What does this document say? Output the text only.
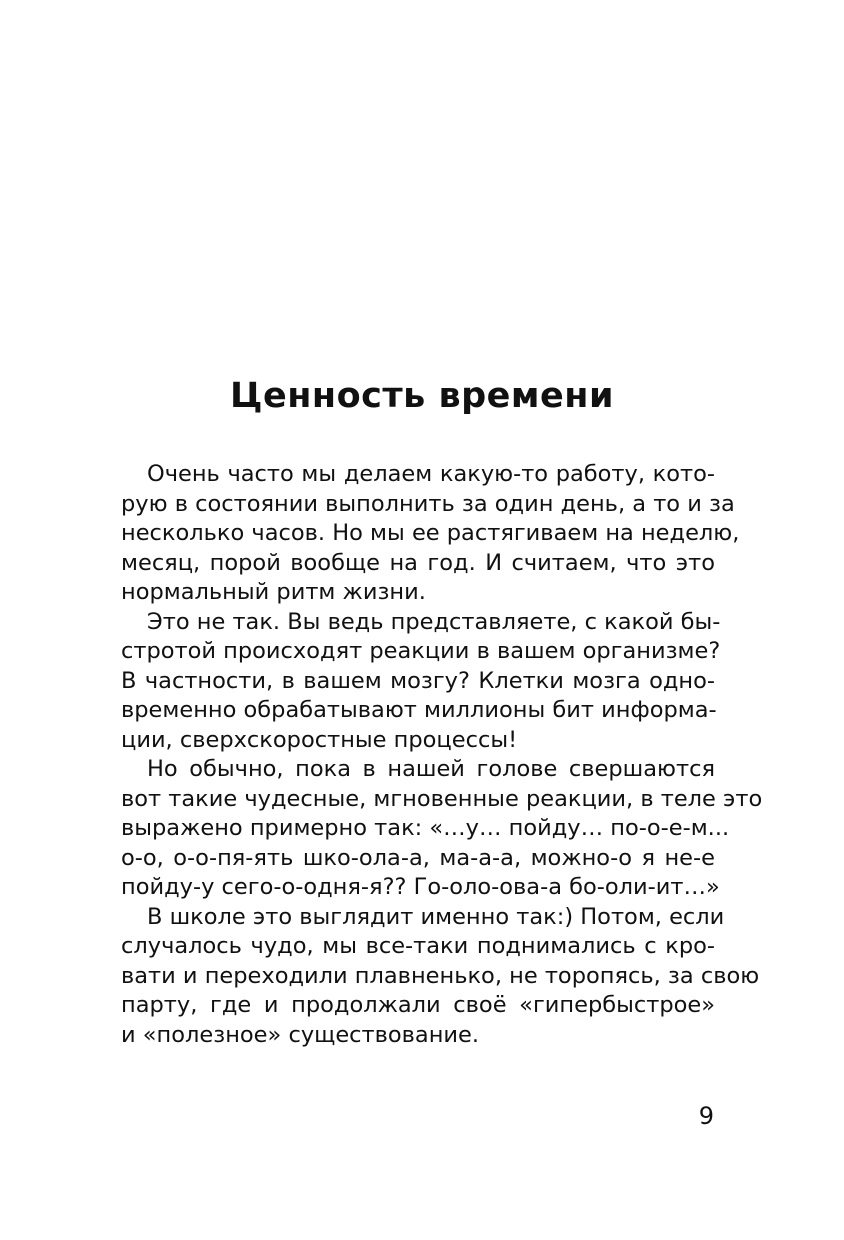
Ценность времени

Очень часто мы делаем какую-то работу, кото-
рую в состоянии выполнить за один день, а то и за
несколько часов. Но мы ее растягиваем на неделю,
месяц, порой вообще на год. И считаем, что это
нормальный ритм жизни.

Это не так. Вы ведь представляете, с какой бы-
стротой происходят реакции в вашем организме?
В частности, в вашем мозгу? Клетки мозга одно-
временно обрабатывают миллионы бит информа-
ции, сверхскоростные процессы!

Но обычно, пока в нашей голове свершаются
вот такие чудесные, мгновенные реакции, в теле это
выражено примерно так: «…у… пойду… по-о-е-м...
о-о, о-о-пя-ять шко-ола-а, ма-а-а, можно-о я не-е
пойду-у сего-о-одня-я?? Го-оло-ова-а бо-оли-ит…»

В школе это выглядит именно так:) Потом, если
случалось чудо, мы все-таки поднимались с кро-
вати и переходили плавненько, не торопясь, за свою
парту, где и продолжали своё «гипербыстрое»
и «полезное» существование.

9
